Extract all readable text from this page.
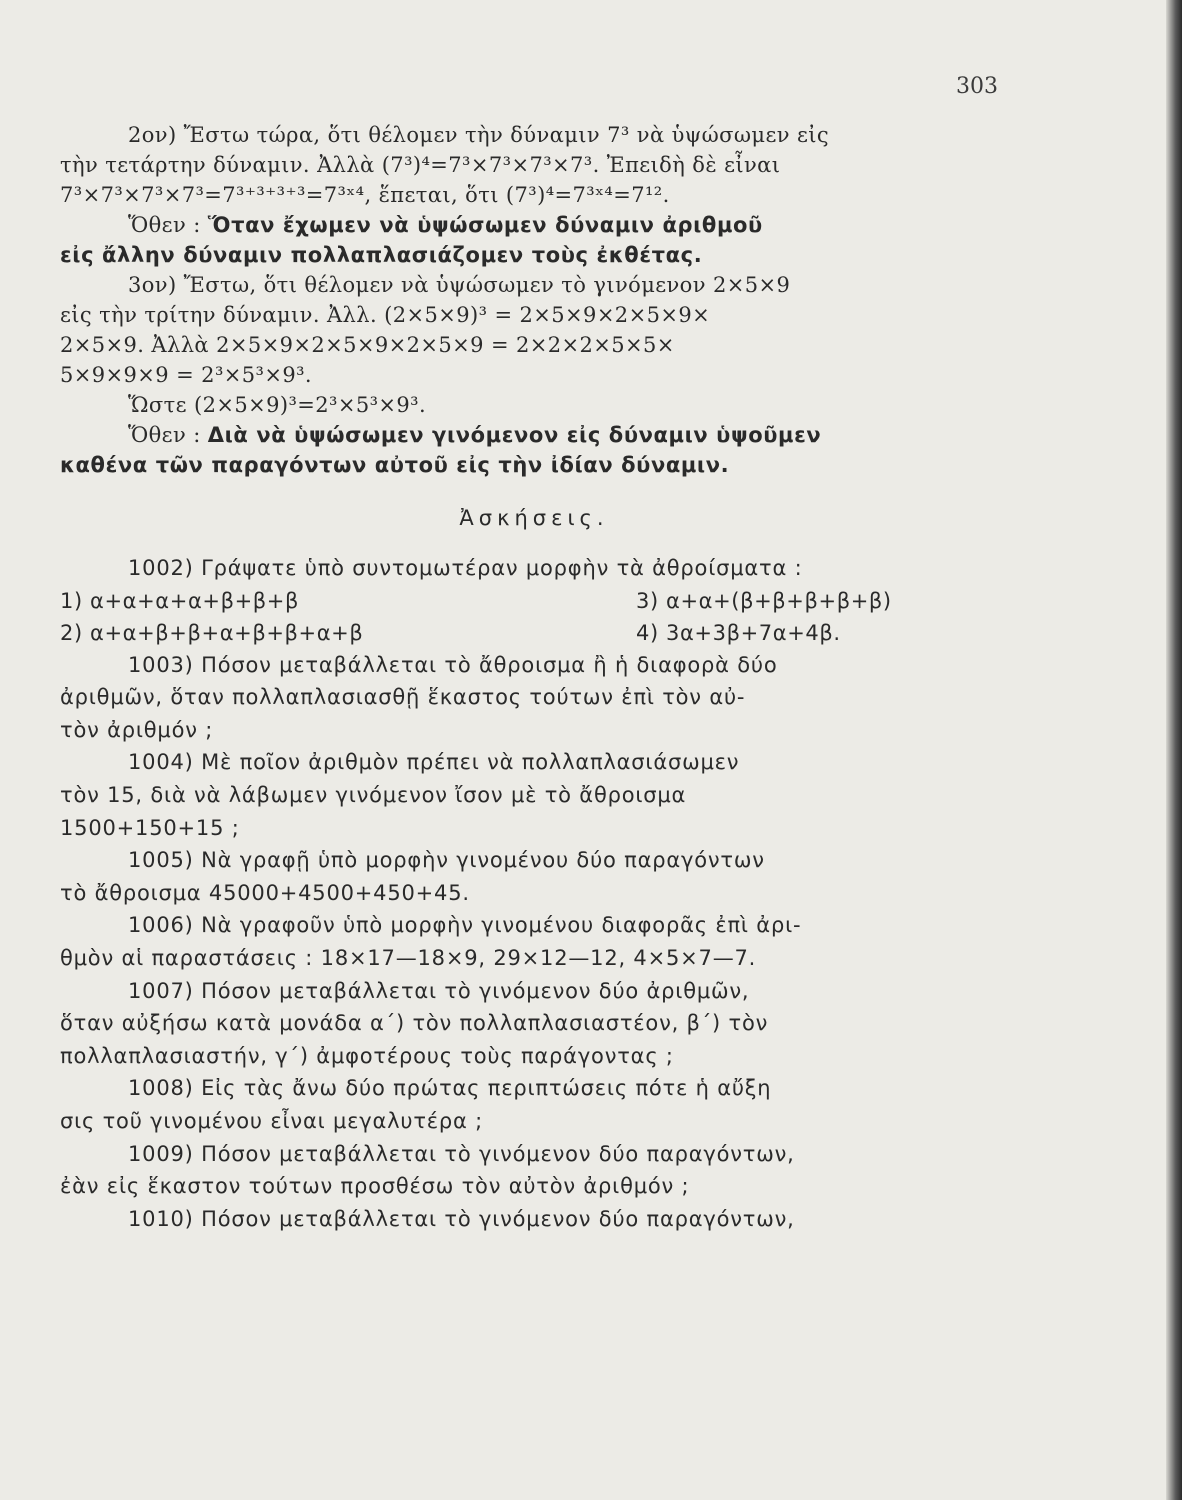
303

2ον) Ἔστω τώρα, ὅτι θέλομεν τὴν δύναμιν 7³ νὰ ὑψώσωμεν εἰς

τὴν τετάρτην δύναμιν. Ἀλλὰ (7³)⁴=7³×7³×7³×7³. Ἐπειδὴ δὲ εἶναι

7³×7³×7³×7³=7³⁺³⁺³⁺³=7³ˣ⁴, ἕπεται, ὅτι (7³)⁴=7³ˣ⁴=7¹².

Ὅθεν : Ὅταν ἔχωμεν νὰ ὑψώσωμεν δύναμιν ἀριθμοῦ

εἰς ἄλλην δύναμιν πολλαπλασιάζομεν τοὺς ἐκθέτας.

3ον) Ἔστω, ὅτι θέλομεν νὰ ὑψώσωμεν τὸ γινόμενον 2×5×9

εἰς τὴν τρίτην δύναμιν. Ἀλλ. (2×5×9)³ = 2×5×9×2×5×9×

2×5×9. Ἀλλὰ 2×5×9×2×5×9×2×5×9 = 2×2×2×5×5×

5×9×9×9 = 2³×5³×9³.

Ὥστε (2×5×9)³=2³×5³×9³.

Ὅθεν : Διὰ νὰ ὑψώσωμεν γινόμενον εἰς δύναμιν ὑψοῦμεν

καθένα τῶν παραγόντων αὐτοῦ εἰς τὴν ἰδίαν δύναμιν.

Ἀσκήσεις.

1002) Γράψατε ὑπὸ συντομωτέραν μορφὴν τὰ ἀθροίσματα :

1) α+α+α+α+β+β+β	3) α+α+(β+β+β+β+β)
2) α+α+β+β+α+β+β+α+β	4) 3α+3β+7α+4β.

1003) Πόσον μεταβάλλεται τὸ ἄθροισμα ἢ ἡ διαφορὰ δύο

ἀριθμῶν, ὅταν πολλαπλασιασθῇ ἕκαστος τούτων ἐπὶ τὸν αὐ-

τὸν ἀριθμόν ;

1004) Μὲ ποῖον ἀριθμὸν πρέπει νὰ πολλαπλασιάσωμεν

τὸν 15, διὰ νὰ λάβωμεν γινόμενον ἴσον μὲ τὸ ἄθροισμα

1500+150+15 ;

1005) Νὰ γραφῇ ὑπὸ μορφὴν γινομένου δύο παραγόντων

τὸ ἄθροισμα 45000+4500+450+45.

1006) Νὰ γραφοῦν ὑπὸ μορφὴν γινομένου διαφορᾶς ἐπὶ ἀρι-

θμὸν αἱ παραστάσεις : 18×17—18×9, 29×12—12, 4×5×7—7.

1007) Πόσον μεταβάλλεται τὸ γινόμενον δύο ἀριθμῶν,

ὅταν αὐξήσω κατὰ μονάδα α΄) τὸν πολλαπλασιαστέον, β΄) τὸν

πολλαπλασιαστήν, γ΄) ἀμφοτέρους τοὺς παράγοντας ;

1008) Εἰς τὰς ἄνω δύο πρώτας περιπτώσεις πότε ἡ αὔξη

σις τοῦ γινομένου εἶναι μεγαλυτέρα ;

1009) Πόσον μεταβάλλεται τὸ γινόμενον δύο παραγόντων,

ἐὰν εἰς ἕκαστον τούτων προσθέσω τὸν αὐτὸν ἀριθμόν ;

1010) Πόσον μεταβάλλεται τὸ γινόμενον δύο παραγόντων,
